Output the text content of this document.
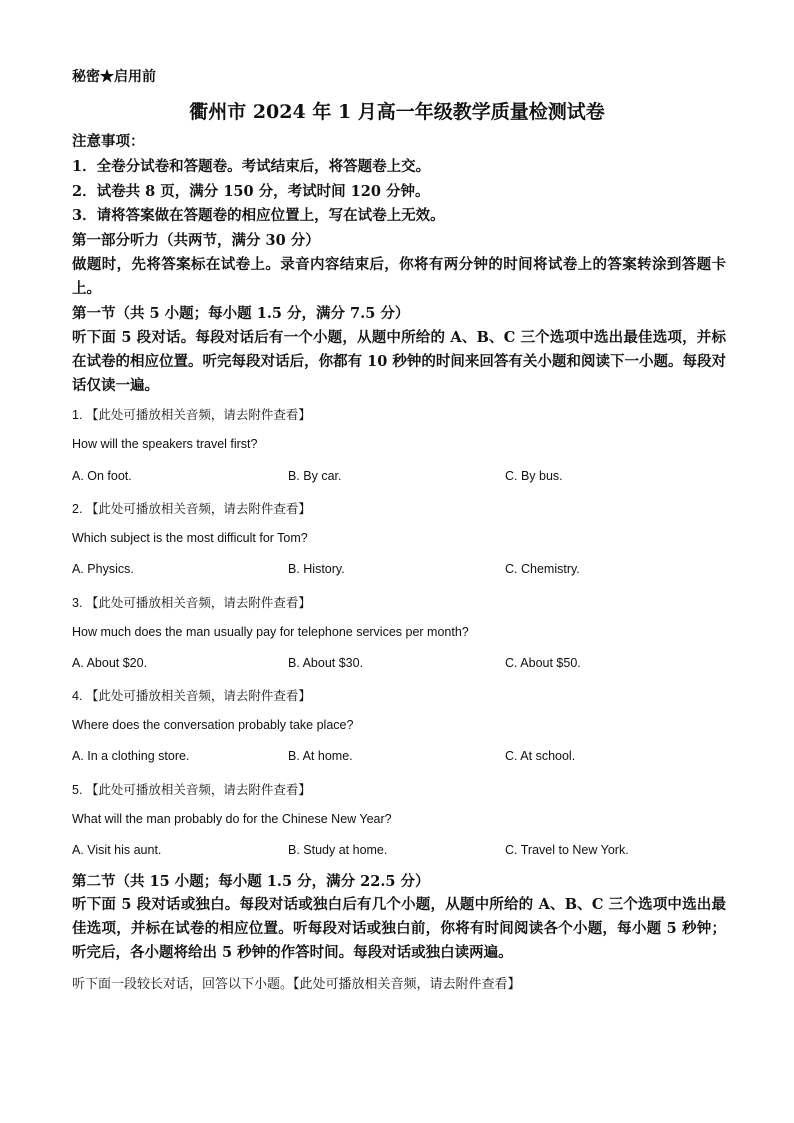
秘密★启用前
衢州市 2024 年 1 月高一年级教学质量检测试卷
注意事项：
1．全卷分试卷和答题卷。考试结束后，将答题卷上交。
2．试卷共 8 页，满分 150 分，考试时间 120 分钟。
3．请将答案做在答题卷的相应位置上，写在试卷上无效。
第一部分听力（共两节，满分 30 分）
做题时，先将答案标在试卷上。录音内容结束后，你将有两分钟的时间将试卷上的答案转涂到答题卡上。
第一节（共 5 小题；每小题 1.5 分，满分 7.5 分）
听下面 5 段对话。每段对话后有一个小题，从题中所给的 A、B、C 三个选项中选出最佳选项，并标在试卷的相应位置。听完每段对话后，你都有 10 秒钟的时间来回答有关小题和阅读下一小题。每段对话仅读一遍。
1. 【此处可播放相关音频，请去附件查看】
How will the speakers travel first?
A. On foot.	B. By car.	C. By bus.
2. 【此处可播放相关音频，请去附件查看】
Which subject is the most difficult for Tom?
A. Physics.	B. History.	C. Chemistry.
3. 【此处可播放相关音频，请去附件查看】
How much does the man usually pay for telephone services per month?
A. About $20.	B. About $30.	C. About $50.
4. 【此处可播放相关音频，请去附件查看】
Where does the conversation probably take place?
A. In a clothing store.	B. At home.	C. At school.
5. 【此处可播放相关音频，请去附件查看】
What will the man probably do for the Chinese New Year?
A. Visit his aunt.	B. Study at home.	C. Travel to New York.
第二节（共 15 小题；每小题 1.5 分，满分 22.5 分）
听下面 5 段对话或独白。每段对话或独白后有几个小题，从题中所给的 A、B、C 三个选项中选出最佳选项，并标在试卷的相应位置。听每段对话或独白前，你将有时间阅读各个小题，每小题 5 秒钟；听完后，各小题将给出 5 秒钟的作答时间。每段对话或独白读两遍。
听下面一段较长对话，回答以下小题。【此处可播放相关音频，请去附件查看】
